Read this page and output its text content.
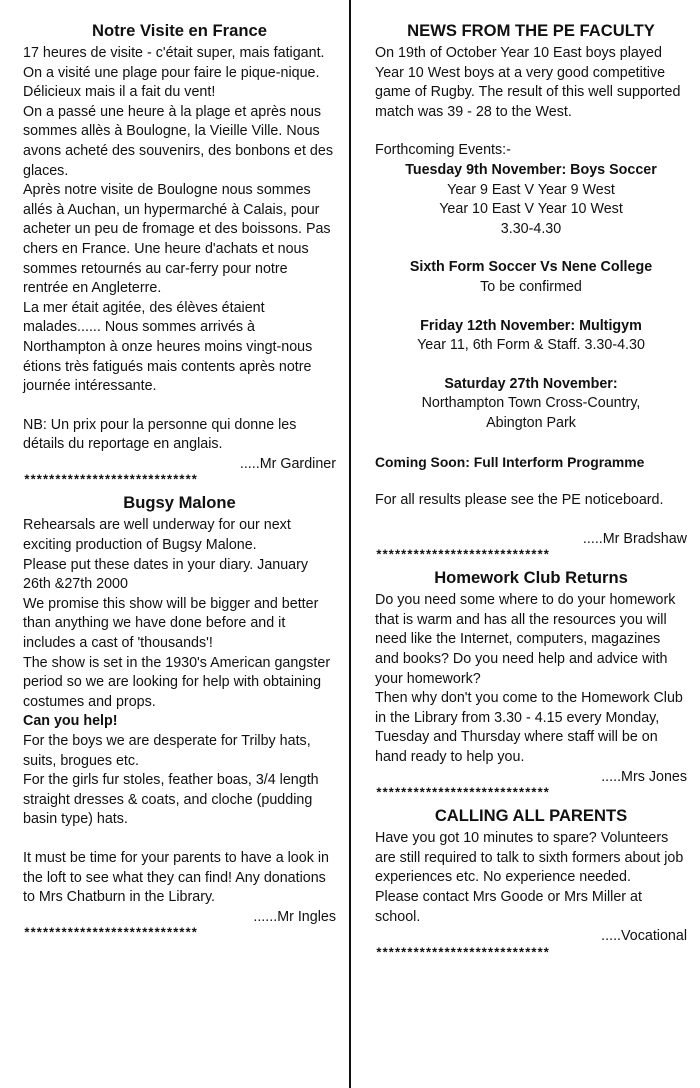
Notre Visite en France

17 heures de visite - c'était super, mais fatigant. On a visité une plage pour faire le pique-nique. Délicieux mais il a fait du vent!

On a passé une heure à la plage et après nous sommes allès à Boulogne, la Vieille Ville. Nous avons acheté des souvenirs, des bonbons et des glaces.

Après notre visite de Boulogne nous sommes allés à Auchan, un hypermarché à Calais, pour acheter un peu de fromage et des boissons. Pas chers en France. Une heure d'achats et nous sommes retournés au car-ferry pour notre rentrée en Angleterre.

La mer était agitée, des élèves étaient malades...... Nous sommes arrivés à Northampton à onze heures moins vingt-nous étions très fatigués mais contents après notre journée intéressante.

NB: Un prix pour la personne qui donne les détails du reportage en anglais.

.....Mr Gardiner

****************************
Bugsy Malone

Rehearsals are well underway for our next exciting production of Bugsy Malone.

Please put these dates in your diary. January 26th &27th 2000

We promise this show will be bigger and better than anything we have done before and it includes a cast of 'thousands'!

The show is set in the 1930's American gangster period so we are looking for help with obtaining costumes and props.

Can you help!

For the boys we are desperate for Trilby hats, suits, brogues etc.

For the girls fur stoles, feather boas, 3/4 length straight dresses & coats, and cloche (pudding basin type) hats.

It must be time for your parents to have a look in the loft to see what they can find! Any donations to Mrs Chatburn in the Library.

......Mr Ingles

****************************
NEWS FROM THE PE FACULTY

On 19th of October Year 10 East boys played Year 10 West boys at a very good competitive game of Rugby. The result of this well supported match was 39 - 28 to the West.

Forthcoming Events:-

Tuesday 9th November: Boys Soccer

Year 9 East V Year 9 West

Year 10 East V Year 10 West

3.30-4.30

Sixth Form Soccer Vs Nene College

To be confirmed

Friday 12th November: Multigym

Year 11, 6th Form & Staff. 3.30-4.30

Saturday 27th November:

Northampton Town Cross-Country,

Abington Park

Coming Soon: Full Interform Programme

For all results please see the PE noticeboard.

.....Mr Bradshaw

****************************
Homework Club Returns

Do you need some where to do your homework that is warm and has all the resources you will need like the Internet, computers, magazines and books? Do you need help and advice with your homework?

Then why don't you come to the Homework Club in the Library from 3.30 - 4.15 every Monday, Tuesday and Thursday where staff will be on hand ready to help you.

.....Mrs Jones

****************************
CALLING ALL PARENTS

Have you got 10 minutes to spare? Volunteers are still required to talk to sixth formers about job experiences etc. No experience needed.

Please contact Mrs Goode or Mrs Miller at school.

.....Vocational

****************************
